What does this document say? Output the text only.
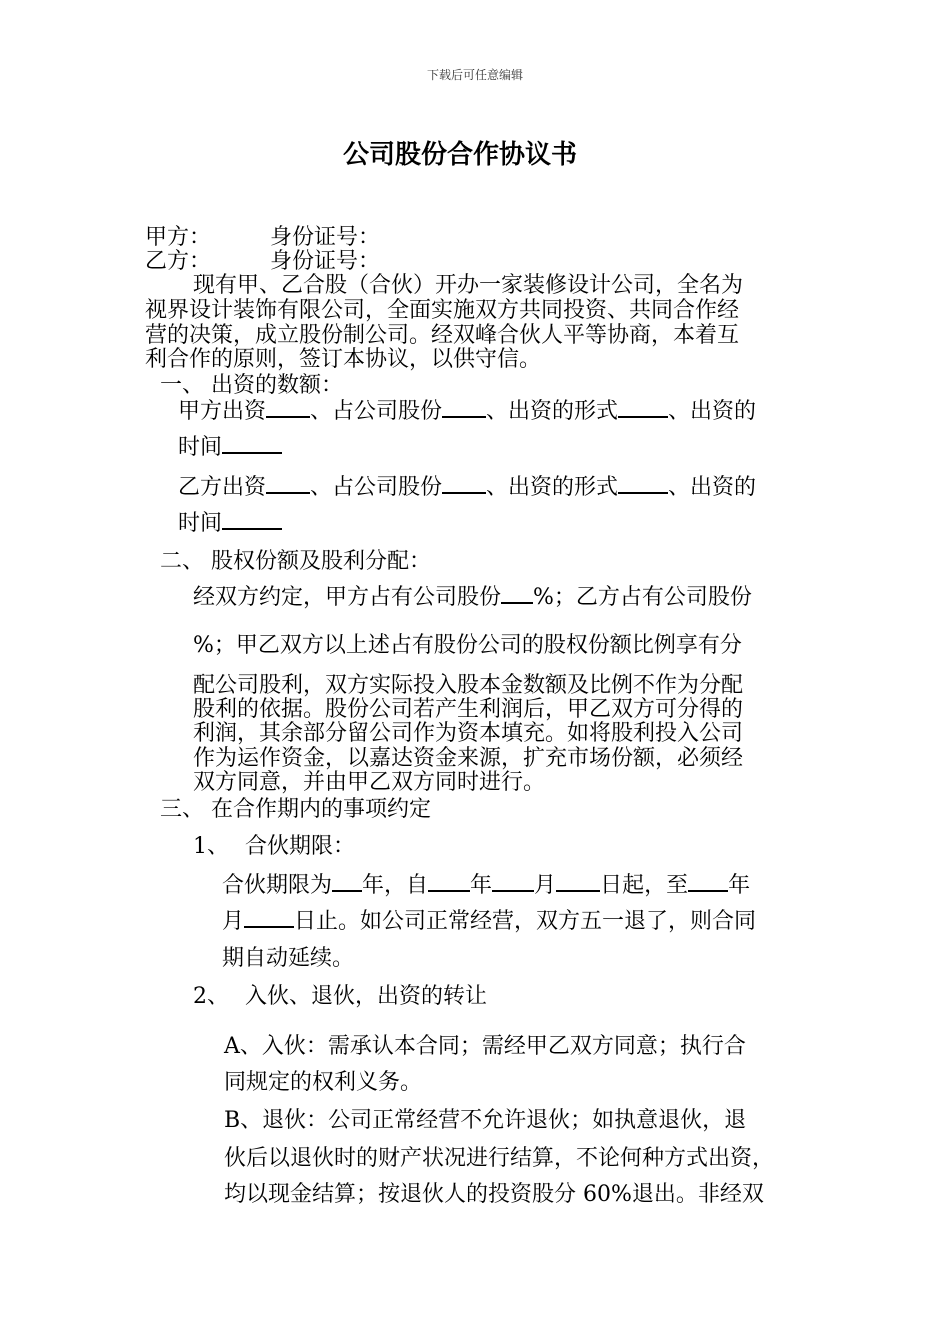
下载后可任意编辑
公司股份合作协议书
甲方：	身份证号：
乙方：	身份证号：
现有甲、乙合股（合伙）开办一家装修设计公司，全名为
视界设计装饰有限公司，全面实施双方共同投资、共同合作经
营的决策，成立股份制公司。经双峰合伙人平等协商，本着互
利合作的原则，签订本协议，以供守信。
一、 出资的数额：
甲方出资 、占公司股份 、出资的形式 、出资的
时间
乙方出资 、占公司股份 、出资的形式 、出资的
时间
二、 股权份额及股利分配：
经双方约定，甲方占有公司股份 %；乙方占有公司股份
%；甲乙双方以上述占有股份公司的股权份额比例享有分
配公司股利，双方实际投入股本金数额及比例不作为分配
股利的依据。股份公司若产生利润后，甲乙双方可分得的
利润，其余部分留公司作为资本填充。如将股利投入公司
作为运作资金，以嘉达资金来源，扩充市场份额，必须经
双方同意，并由甲乙双方同时进行。
三、 在合作期内的事项约定
1、 合伙期限：
合伙期限为 年，自 年 月 日起，至 年
月 日止。如公司正常经营，双方五一退了，则合同
期自动延续。
2、 入伙、退伙，出资的转让
A、入伙：需承认本合同；需经甲乙双方同意；执行合
同规定的权利义务。
B、退伙：公司正常经营不允许退伙；如执意退伙，退
伙后以退伙时的财产状况进行结算，不论何种方式出资，
均以现金结算；按退伙人的投资股分 60%退出。非经双
